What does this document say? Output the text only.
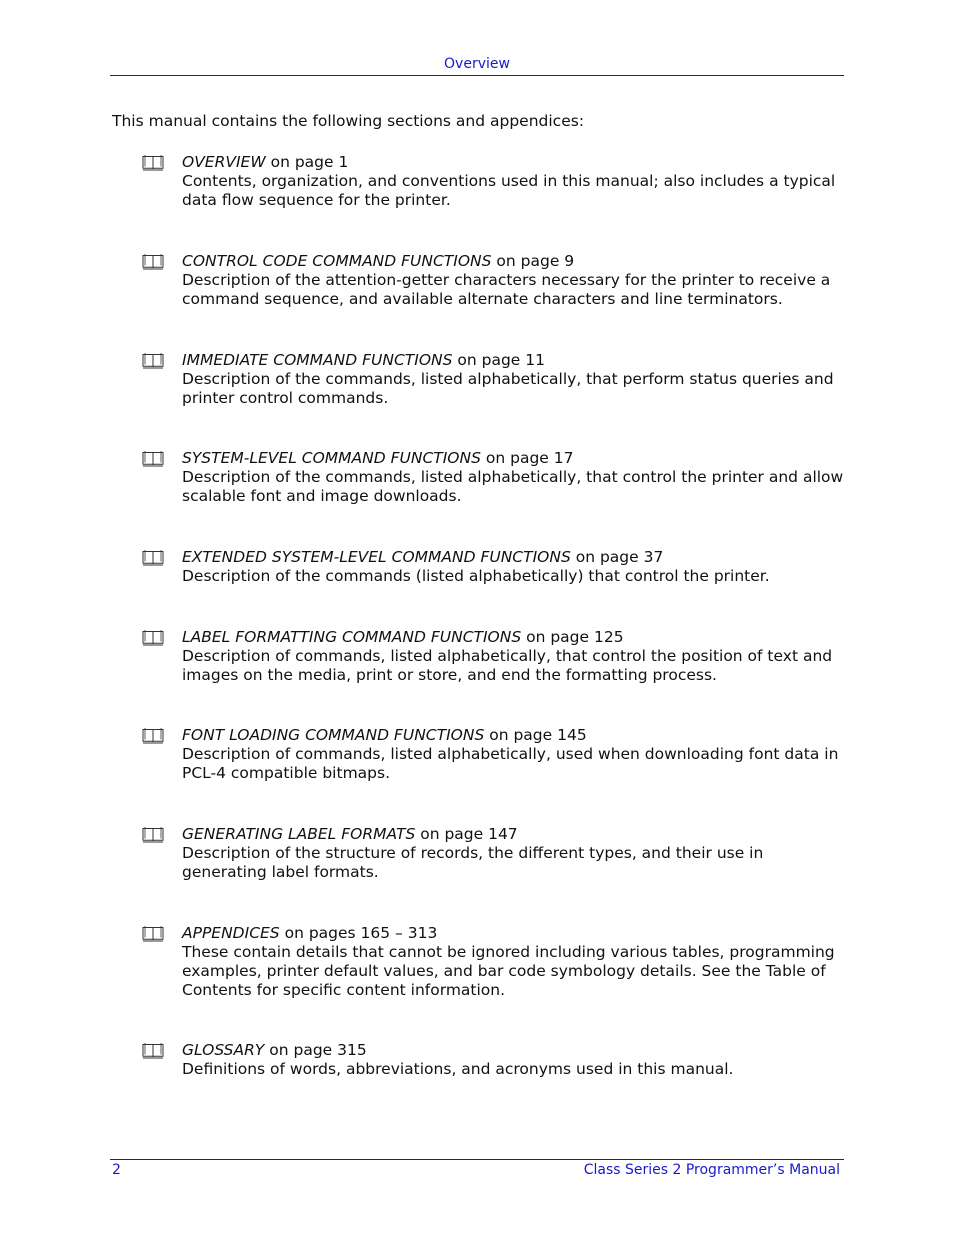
Overview
This manual contains the following sections and appendices:
OVERVIEW on page 1
Contents, organization, and conventions used in this manual; also includes a typical data flow sequence for the printer.
CONTROL CODE COMMAND FUNCTIONS on page 9
Description of the attention-getter characters necessary for the printer to receive a command sequence, and available alternate characters and line terminators.
IMMEDIATE COMMAND FUNCTIONS on page 11
Description of the commands, listed alphabetically, that perform status queries and printer control commands.
SYSTEM-LEVEL COMMAND FUNCTIONS on page 17
Description of the commands, listed alphabetically, that control the printer and allow scalable font and image downloads.
EXTENDED SYSTEM-LEVEL COMMAND FUNCTIONS on page 37
Description of the commands (listed alphabetically) that control the printer.
LABEL FORMATTING COMMAND FUNCTIONS on page 125
Description of commands, listed alphabetically, that control the position of text and images on the media, print or store, and end the formatting process.
FONT LOADING COMMAND FUNCTIONS on page 145
Description of commands, listed alphabetically, used when downloading font data in PCL-4 compatible bitmaps.
GENERATING LABEL FORMATS on page 147
Description of the structure of records, the different types, and their use in generating label formats.
APPENDICES on pages 165 – 313
These contain details that cannot be ignored including various tables, programming examples, printer default values, and bar code symbology details. See the Table of Contents for specific content information.
GLOSSARY on page 315
Definitions of words, abbreviations, and acronyms used in this manual.
2	Class Series 2 Programmer’s Manual
